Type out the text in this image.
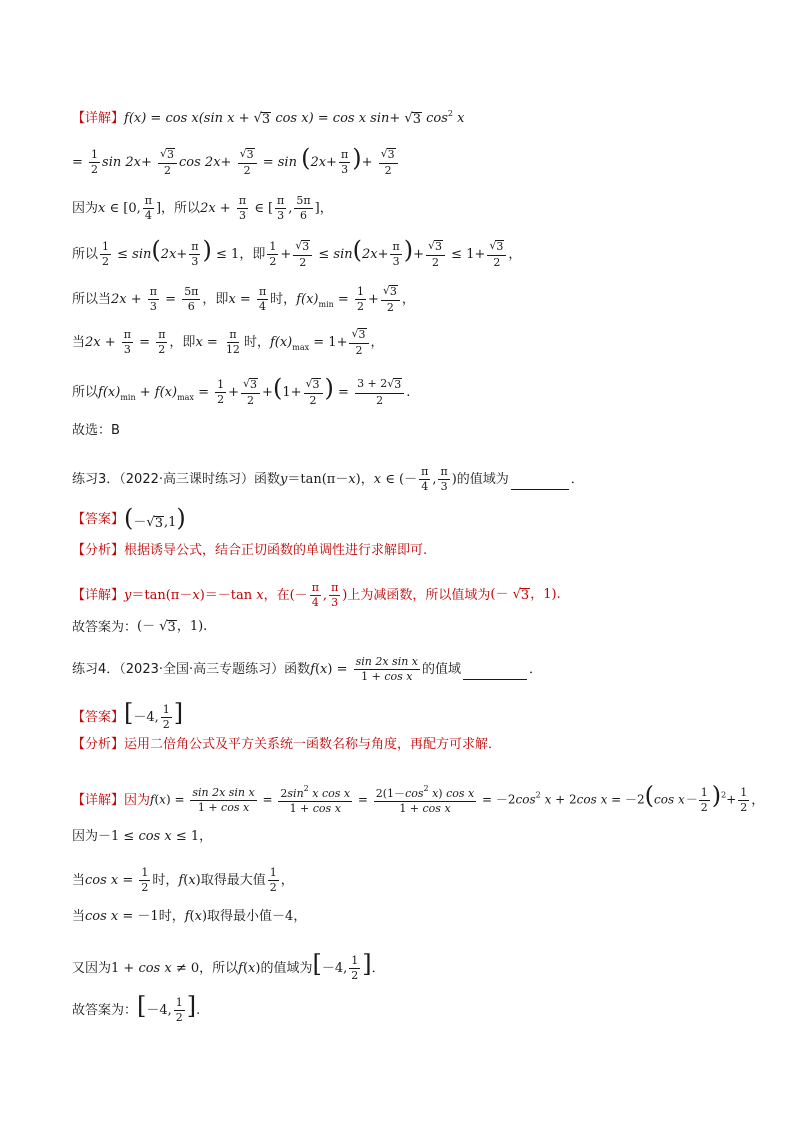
【详解】 f(x) = cos x(sin x + √ 3 cos x) = cos x sin+ √ 3 $\cos^2 x$
= $\frac{1}{2}$ $\sin 2x+ \frac{√ 3}{2}$ $\cos 2x+ \frac{√ 3}{2} = \sin (2x+ \frac{\pi}{3}$ )+ $\frac{√ 3}{2}$
因为 x ∈ [0, $\frac{\pi}{4}$ ] ，所以 $2x + \frac{\pi}{3}$ ∈ [ $\frac{\pi}{3}$ , $\frac{5\pi}{6}$ ] ，
所以 $\frac{1}{2} \le \sin(2x+ \frac{\pi}{3}$ ) ≤ 1 ，即 $\frac{1}{2} + \frac{√ 3}{2} \le \sin(2x+ \frac{\pi}{3}$ )+ $\frac{√ 3}{2} \le 1+ \frac{√ 3}{2}$ ，
所以当 $2x + \frac{\pi}{3} = \frac{5\pi}{6}$ ，即 $x = \frac{\pi}{4}$ 时， $f(x)_{min} = \frac{1}{2} + \frac{√ 3}{2}$ ，
当 $2x + \frac{\pi}{3} = \frac{\pi}{2}$ ，即 $x = \frac{\pi}{12}$ 时， $f(x)_{max} = 1+ \frac{√ 3}{2}$ ，
所以 $f(x)_{min} + f(x)_{max} = \frac{1}{2} + \frac{√ 3}{2} +(1+ \frac{√ 3}{2}$ ) = $\frac{3 + 2 √ 3}{2}$ .
故选：B
练习3．（2022·高三课时练习）函数 y＝tan(π－x) ， x ∈ (－ $\frac{\pi}{4}$ , $\frac{\pi}{3}$ ) 的值域为	．
【答案】 (－ √ 3 ,1)
【分析】 根据诱导公式，结合正切函数的单调性进行求解即可.
【详解】 y＝tan(π－x)＝－tan x ，在 (－ $\frac{\pi}{4}$ , $\frac{\pi}{3}$ ) 上为减函数，所以值域为 (－ √ 3 ，1).
故答案为： (－ √ 3 ，1).
练习4．（2023·全国·高三专题练习）函数 $f(x) = \frac{\text{sin 2x sin x}}{\text{1 + cos x}}$ 的值域	．
【答案】 [－4, $\frac{1}{2}$ ]
【分析】 运用二倍角公式及平方关系统一函数名称与角度，再配方可求解．
【详解】 因为 $f(x) = \frac{\text{sin 2x sin x}}{\text{1 + cos x}} = \frac{2\sin^2 x \cos x}{\text{1 + cos x}} = \frac{2(1-\cos^2 x) \cos x}{\text{1 + cos x}} = -2\cos^2$ x + 2cos x = －2(cos $x- \frac{1}{2} )^2+ \frac{1}{2}$ ，
因为 －1 ≤ cos x ≤ 1 ，
当 $\cos x = \frac{1}{2}$ 时， f(x) 取得最大值 $\frac{1}{2}$ ，
当 cos x = －1 时， f(x) 取得最小值 －4 ，
又因为 1 + cos x ≠ 0 ，所以 f(x) 的值域为 [－4, $\frac{1}{2}$ ] ．
故答案为： [－4, $\frac{1}{2}$ ] .
